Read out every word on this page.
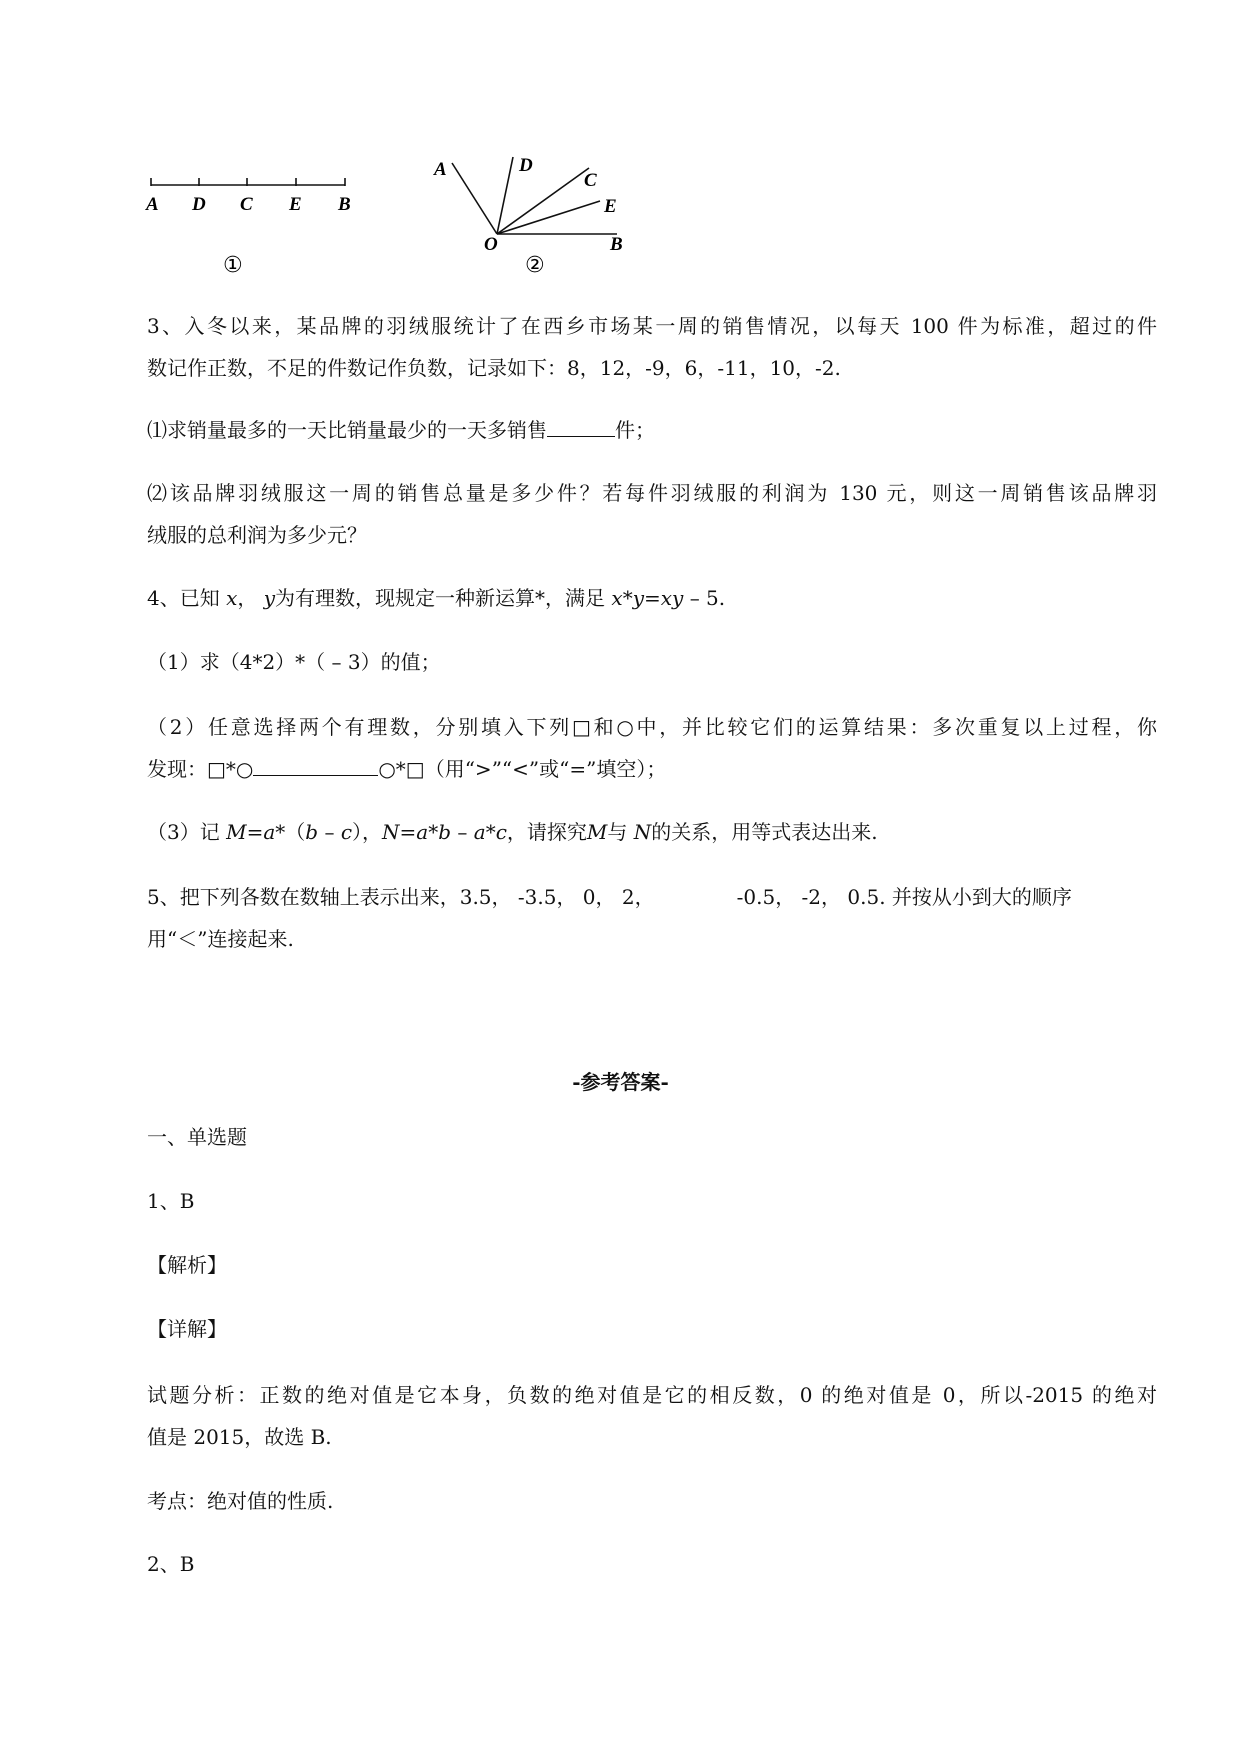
A D C E B
①
A	D
C
E
O	B
②
3、入冬以来，某品牌的羽绒服统计了在西乡市场某一周的销售情况，以每天 100 件为标准，超过的件
数记作正数，不足的件数记作负数，记录如下：8，12，-9，6，-11，10，-2.
⑴求销量最多的一天比销量最少的一天多销售	件；
⑵该品牌羽绒服这一周的销售总量是多少件？若每件羽绒服的利润为 130 元，则这一周销售该品牌羽
绒服的总利润为多少元？
4、已知 x， y为有理数，现规定一种新运算*，满足 x*y=xy – 5.
（1）求（4*2）*（ – 3）的值；
（2）任意选择两个有理数，分别填入下列□和○中，并比较它们的运算结果：多次重复以上过程，你
发现：□*○	○*□（用“>”“<”或“=”填空）；
（3）记 M=a*（b – c），N=a*b – a*c，请探究M与 N的关系，用等式表达出来.
5、把下列各数在数轴上表示出来，3.5， -3.5， 0， 2，	-0.5， -2， 0.5. 并按从小到大的顺序
用“＜”连接起来.
-参考答案-
一、单选题
1、B
【解析】
【详解】
试题分析：正数的绝对值是它本身，负数的绝对值是它的相反数，0 的绝对值是 0，所以-2015 的绝对
值是 2015，故选 B.
考点：绝对值的性质.
2、B
